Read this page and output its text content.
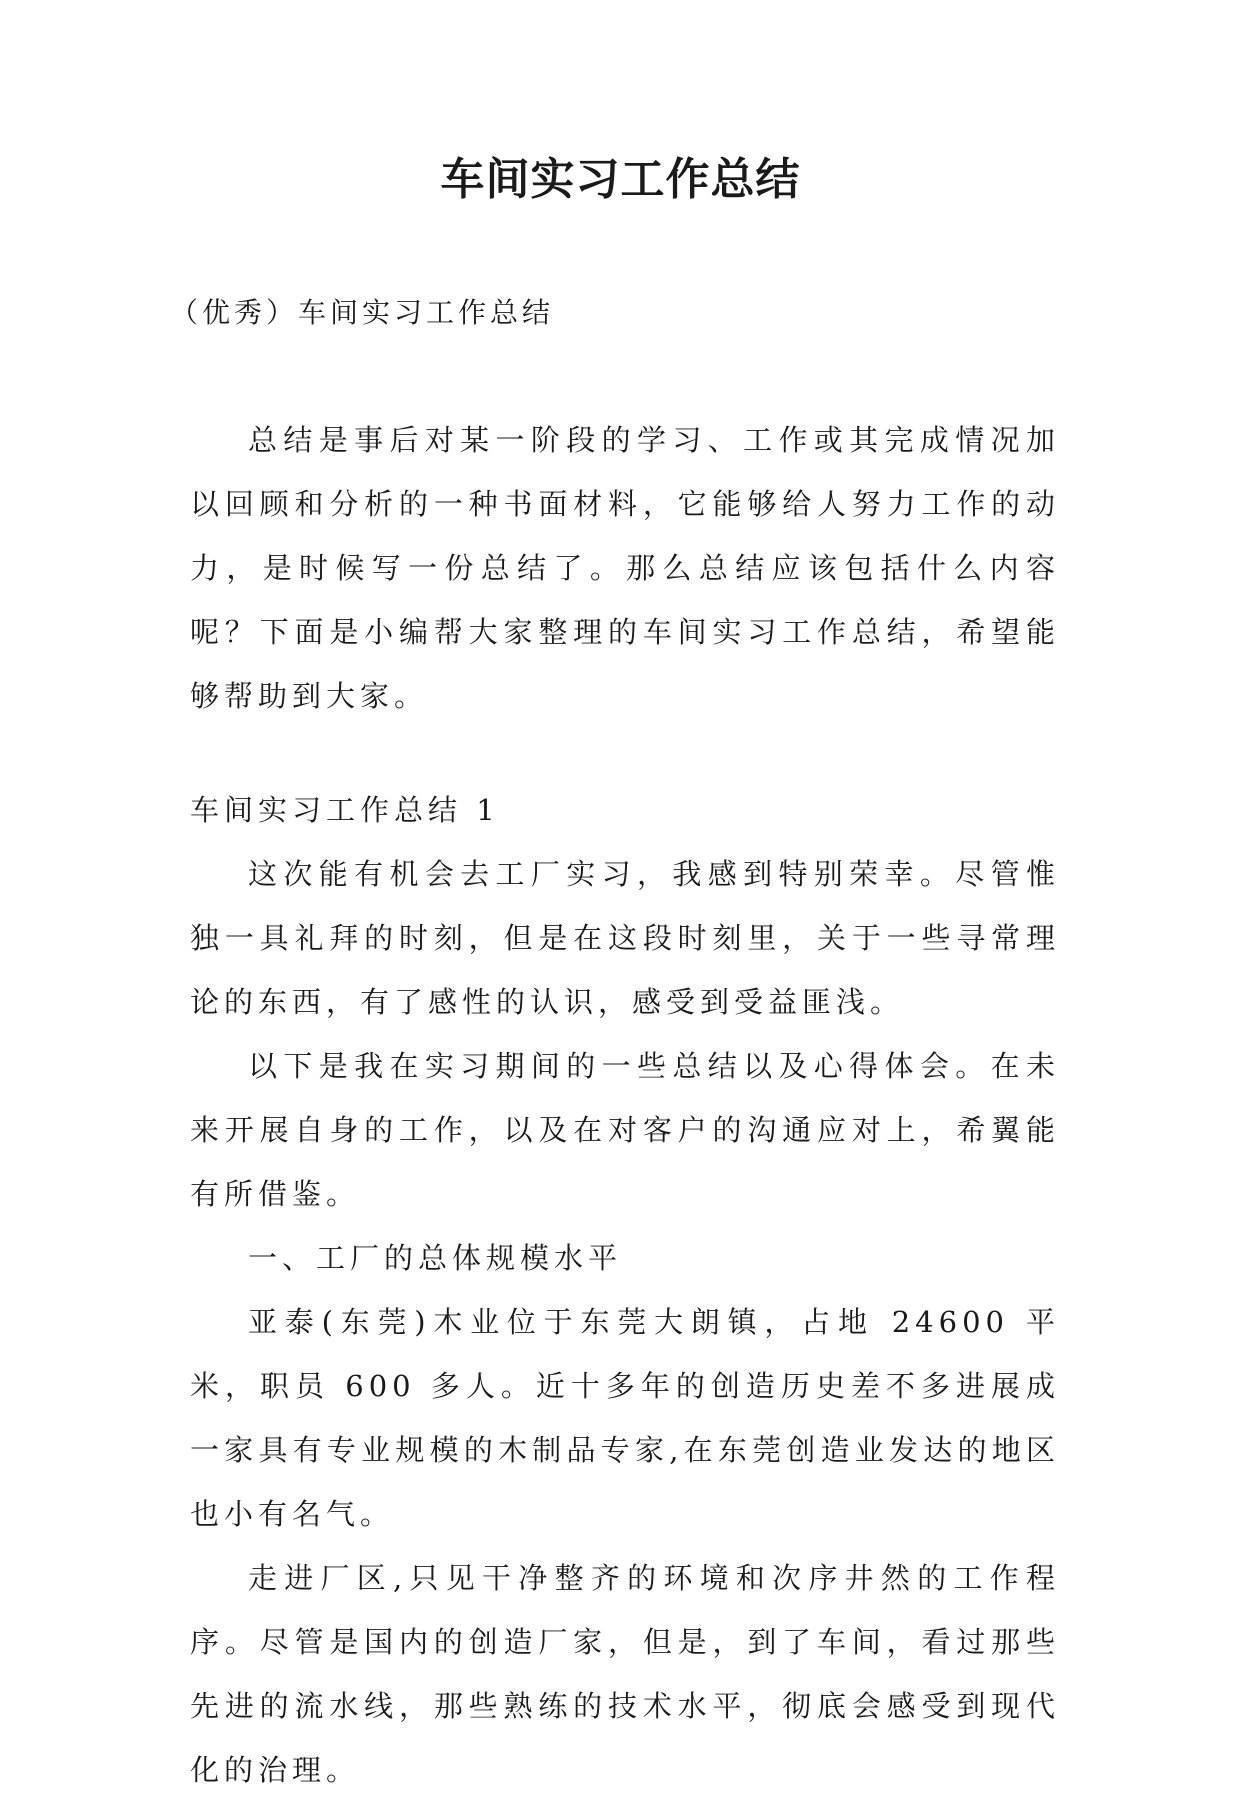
车间实习工作总结
（优秀）车间实习工作总结

总结是事后对某一阶段的学习、工作或其完成情况加以回顾和分析的一种书面材料，它能够给人努力工作的动力，是时候写一份总结了。那么总结应该包括什么内容呢？下面是小编帮大家整理的车间实习工作总结，希望能够帮助到大家。

车间实习工作总结 1

这次能有机会去工厂实习，我感到特别荣幸。尽管惟独一具礼拜的时刻，但是在这段时刻里，关于一些寻常理论的东西，有了感性的认识，感受到受益匪浅。

以下是我在实习期间的一些总结以及心得体会。在未来开展自身的工作，以及在对客户的沟通应对上，希翼能有所借鉴。

一、工厂的总体规模水平

亚泰(东莞)木业位于东莞大朗镇，占地 24600 平米，职员 600 多人。近十多年的创造历史差不多进展成一家具有专业规模的木制品专家,在东莞创造业发达的地区也小有名气。

走进厂区,只见干净整齐的环境和次序井然的工作程序。尽管是国内的创造厂家，但是，到了车间，看过那些先进的流水线，那些熟练的技术水平，彻底会感受到现代化的治理。
